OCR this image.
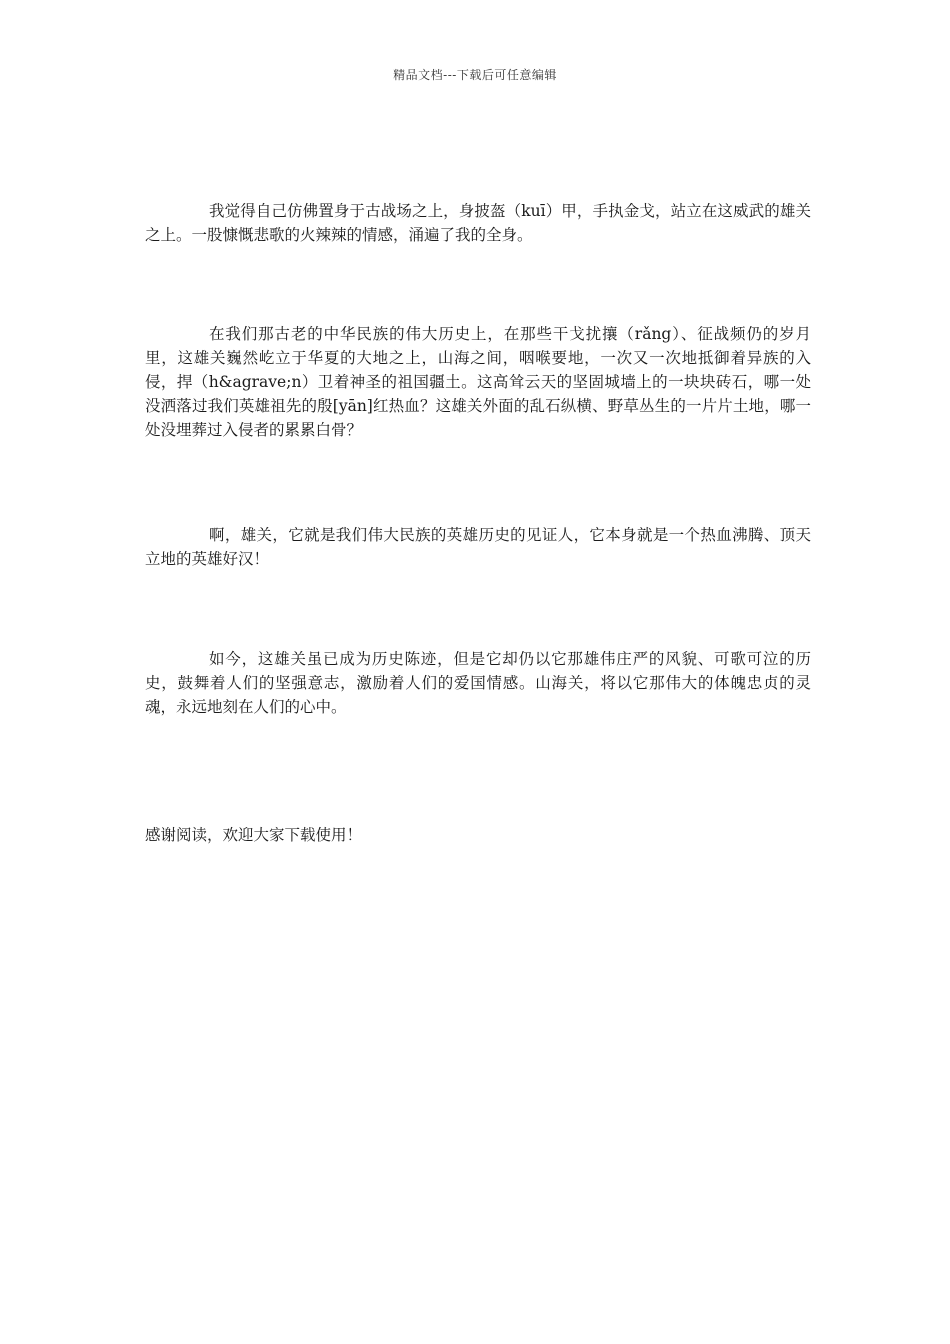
精品文档---下载后可任意编辑

我觉得自己仿佛置身于古战场之上，身披盔（kuī）甲，手执金戈，站立在这威武的雄关之上。一股慷慨悲歌的火辣辣的情感，涌遍了我的全身。

在我们那古老的中华民族的伟大历史上，在那些干戈扰攘（rǎng）、征战频仍的岁月里，这雄关巍然屹立于华夏的大地之上，山海之间，咽喉要地，一次又一次地抵御着异族的入侵，捍（h&agrave;n）卫着神圣的祖国疆土。这高耸云天的坚固城墙上的一块块砖石，哪一处没洒落过我们英雄祖先的殷[yān]红热血？这雄关外面的乱石纵横、野草丛生的一片片土地，哪一处没埋葬过入侵者的累累白骨？

啊，雄关，它就是我们伟大民族的英雄历史的见证人，它本身就是一个热血沸腾、顶天立地的英雄好汉！

如今，这雄关虽已成为历史陈迹，但是它却仍以它那雄伟庄严的风貌、可歌可泣的历史，鼓舞着人们的坚强意志，激励着人们的爱国情感。山海关，将以它那伟大的体魄忠贞的灵魂，永远地刻在人们的心中。

感谢阅读，欢迎大家下载使用！
